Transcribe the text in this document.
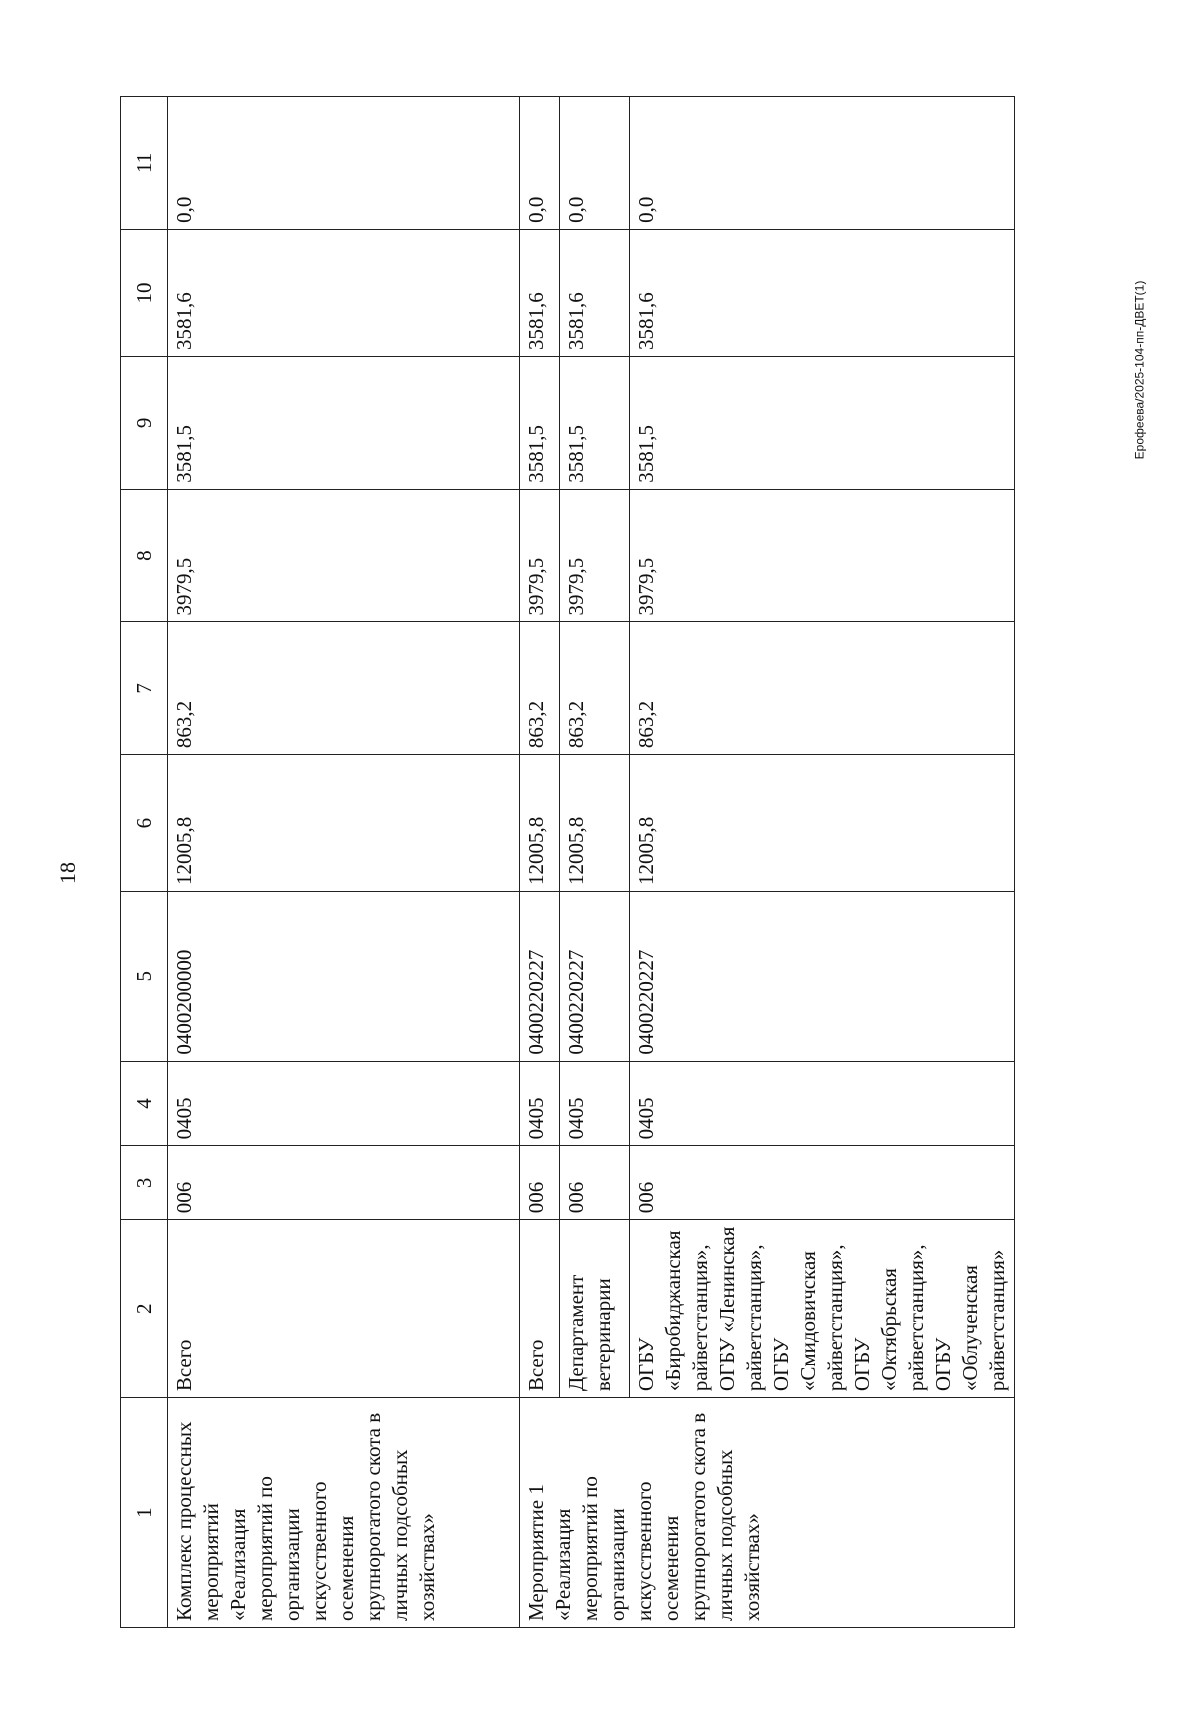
18
Ерофеева/2025-104-пп-ДВЕТ(1)
1	2	3	4	5	6	7	8	9	10	11
Комплекс процессных мероприятий «Реализация мероприятий по организации искусственного осеменения крупнорогатого скота в личных подсобных хозяйствах»	Всего	006	0405	0400200000	12005,8	863,2	3979,5	3581,5	3581,6	0,0
Мероприятие 1 «Реализация мероприятий по организации искусственного осеменения крупнорогатого скота в личных подсобных хозяйствах»	Всего	006	0405	0400220227	12005,8	863,2	3979,5	3581,5	3581,6	0,0
	Департамент ветеринарии	006	0405	0400220227	12005,8	863,2	3979,5	3581,5	3581,6	0,0
	ОГБУ «Биробиджанская райветстанция», ОГБУ «Ленинская райветстанция», ОГБУ «Смидовичская райветстанция», ОГБУ «Октябрьская райветстанция», ОГБУ «Облученская райветстанция»	006	0405	0400220227	12005,8	863,2	3979,5	3581,5	3581,6	0,0
